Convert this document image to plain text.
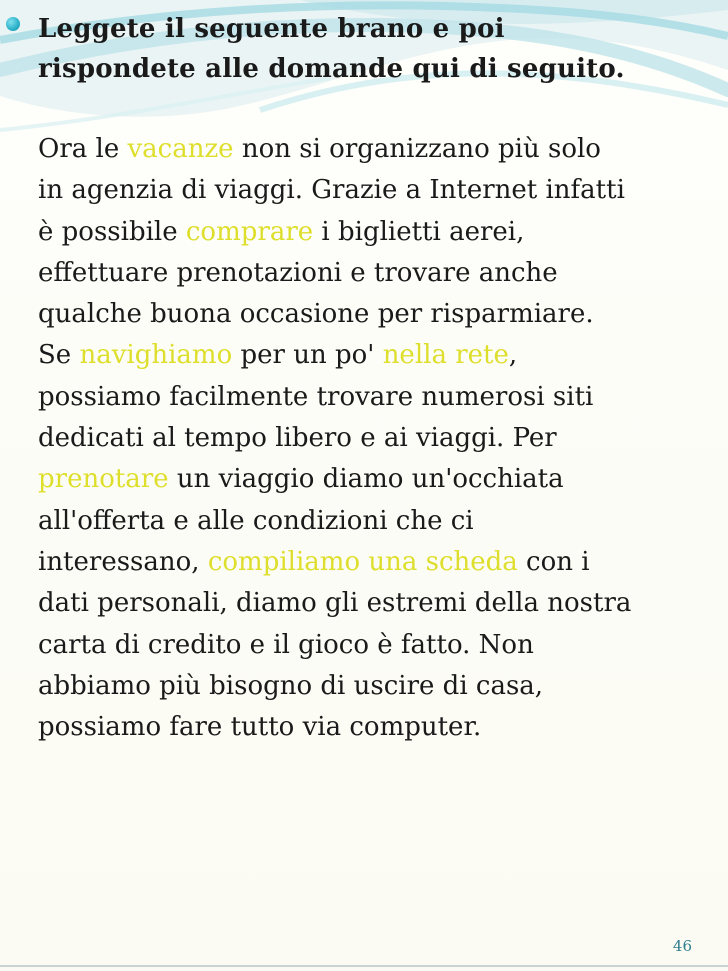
Leggete il seguente brano e poi
rispondete alle domande qui di seguito.
Ora le vacanze non si organizzano più solo
in agenzia di viaggi. Grazie a Internet infatti
è possibile comprare i biglietti aerei,
effettuare prenotazioni e trovare anche
qualche buona occasione per risparmiare.
Se navighiamo per un po' nella rete,
possiamo facilmente trovare numerosi siti
dedicati al tempo libero e ai viaggi. Per
prenotare un viaggio diamo un'occhiata
all'offerta e alle condizioni che ci
interessano, compiliamo una scheda con i
dati personali, diamo gli estremi della nostra
carta di credito e il gioco è fatto. Non
abbiamo più bisogno di uscire di casa,
possiamo fare tutto via computer.
46
